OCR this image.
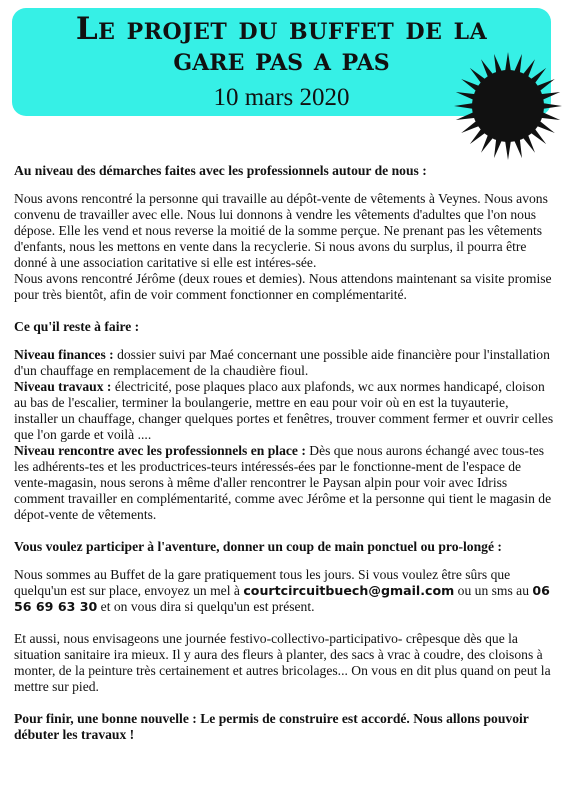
Le projet du buffet de la
gare pas a pas
10 mars 2020

Au niveau des démarches faites avec les professionnels autour de nous :

Nous avons rencontré la personne qui travaille au dépôt-vente de vêtements à Veynes. Nous avons convenu de travailler avec elle. Nous lui donnons à vendre les vêtements d'adultes que l'on nous dépose. Elle les vend et nous reverse la moitié de la somme perçue. Ne prenant pas les vêtements d'enfants, nous les mettons en vente dans la recyclerie. Si nous avons du surplus, il pourra être donné à une association caritative si elle est intéres-sée.

Nous avons rencontré Jérôme (deux roues et demies). Nous attendons maintenant sa visite promise pour très bientôt, afin de voir comment fonctionner en complémentarité.

Ce qu'il reste à faire :

Niveau finances : dossier suivi par Maé concernant une possible aide financière pour l'installation d'un chauffage en remplacement de la chaudière fioul.

Niveau travaux : électricité, pose plaques placo aux plafonds, wc aux normes handicapé, cloison au bas de l'escalier, terminer la boulangerie, mettre en eau pour voir où en est la tuyauterie, installer un chauffage, changer quelques portes et fenêtres, trouver comment fermer et ouvrir celles que l'on garde et voilà ....

Niveau rencontre avec les professionnels en place : Dès que nous aurons échangé avec tous-tes les adhérents-tes et les productrices-teurs intéressés-ées par le fonctionne-ment de l'espace de vente-magasin, nous serons à même d'aller rencontrer le Paysan alpin pour voir avec Idriss comment travailler en complémentarité, comme avec Jérôme et la personne qui tient le magasin de dépot-vente de vêtements.

Vous voulez participer à l'aventure, donner un coup de main ponctuel ou pro-longé :

Nous sommes au Buffet de la gare pratiquement tous les jours. Si vous voulez être sûrs que quelqu'un est sur place, envoyez un mel à courtcircuitbuech@gmail.com ou un sms au 06 56 69 63 30 et on vous dira si quelqu'un est présent.

Et aussi, nous envisageons une journée festivo-collectivo-participativo- crêpesque dès que la situation sanitaire ira mieux. Il y aura des fleurs à planter, des sacs à vrac à coudre, des cloisons à monter, de la peinture très certainement et autres bricolages... On vous en dit plus quand on peut la mettre sur pied.

Pour finir, une bonne nouvelle : Le permis de construire est accordé. Nous allons pouvoir débuter les travaux !
